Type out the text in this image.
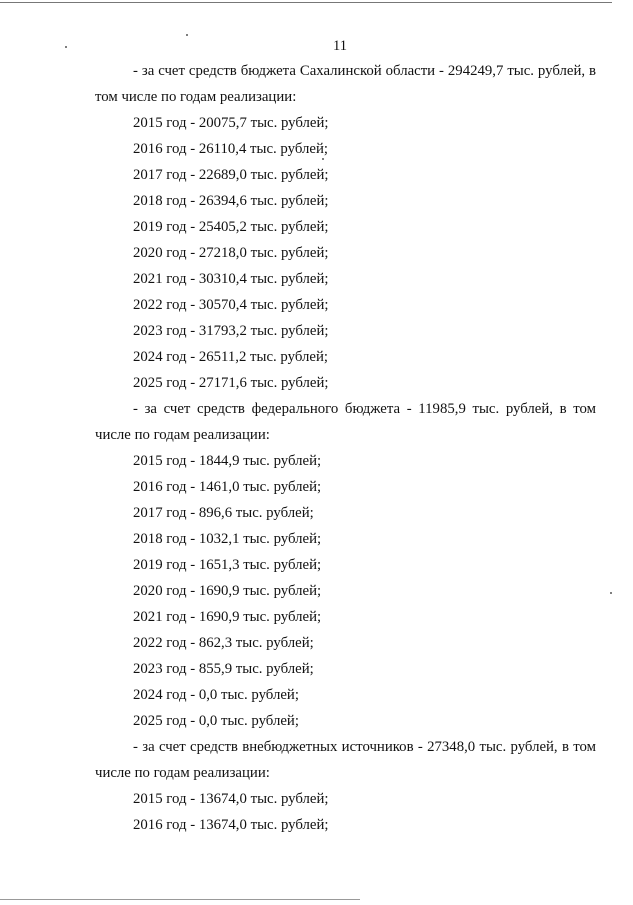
11

- за счет средств бюджета Сахалинской области - 294249,7 тыс. рублей, в том числе по годам реализации:

2015 год - 20075,7 тыс. рублей;
2016 год - 26110,4 тыс. рублей;
2017 год - 22689,0 тыс. рублей;
2018 год - 26394,6 тыс. рублей;
2019 год - 25405,2 тыс. рублей;
2020 год - 27218,0 тыс. рублей;
2021 год - 30310,4 тыс. рублей;
2022 год - 30570,4 тыс. рублей;
2023 год - 31793,2 тыс. рублей;
2024 год - 26511,2 тыс. рублей;
2025 год - 27171,6 тыс. рублей;

- за счет средств федерального бюджета - 11985,9 тыс. рублей, в том числе по годам реализации:

2015 год - 1844,9 тыс. рублей;
2016 год - 1461,0 тыс. рублей;
2017 год - 896,6 тыс. рублей;
2018 год - 1032,1 тыс. рублей;
2019 год - 1651,3 тыс. рублей;
2020 год - 1690,9 тыс. рублей;
2021 год - 1690,9 тыс. рублей;
2022 год - 862,3 тыс. рублей;
2023 год - 855,9 тыс. рублей;
2024 год - 0,0 тыс. рублей;
2025 год - 0,0 тыс. рублей;

- за счет средств внебюджетных источников - 27348,0 тыс. рублей, в том числе по годам реализации:

2015 год - 13674,0 тыс. рублей;
2016 год - 13674,0 тыс. рублей;
